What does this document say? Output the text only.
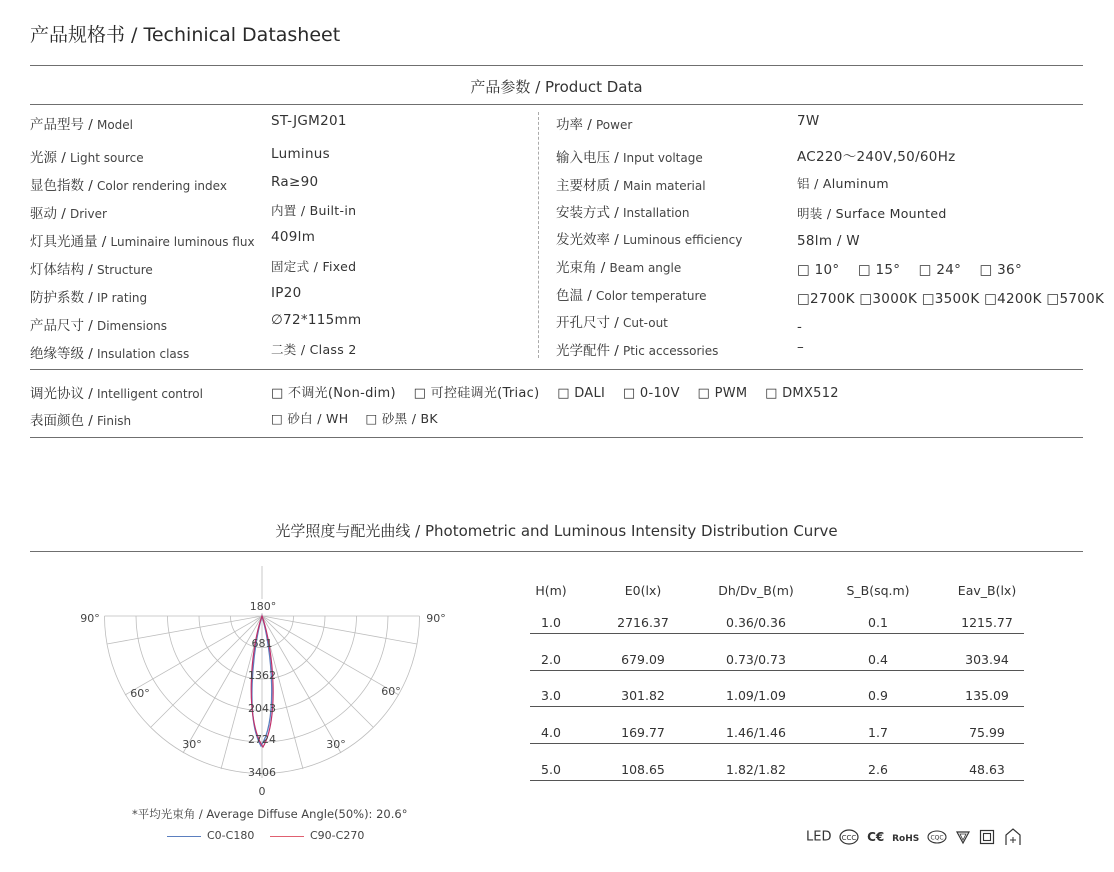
产品规格书 / Techinical Datasheet
产品参数 / Product Data
产品型号 / Model	ST-JGM201
光源 / Light source	Luminus
显色指数 / Color rendering index	Ra≥90
驱动 / Driver	内置 / Built-in
灯具光通量 / Luminaire luminous flux 409lm
灯体结构 / Structure	固定式 / Fixed
防护系数 / IP rating	IP20
产品尺寸 / Dimensions	∅72*115mm
绝缘等级 / Insulation class	二类 / Class 2
功率 / Power	7W
输入电压 / Input voltage	AC220～240V,50/60Hz
主要材质 / Main material	铝 / Aluminum
安装方式 / Installation	明装 / Surface Mounted
发光效率 / Luminous efficiency	58lm / W
光束角 / Beam angle	□ 10°    □ 15°    □ 24°    □ 36°
色温 / Color temperature	□2700K □3000K □3500K □4200K □5700K
开孔尺寸 / Cut-out	-
光学配件 / Ptic accessories	–
调光协议 / Intelligent control	□ 不调光(Non-dim)    □ 可控硅调光(Triac)    □ DALI    □ 0-10V    □ PWM    □ DMX512
表面颜色 / Finish	□ 砂白 / WH    □ 砂黑 / BK
光学照度与配光曲线 / Photometric and Luminous Intensity Distribution Curve
90°	90°
60°	60°
30°	30°
0
180°
681
1362
2043
2724
3406
*平均光束角 / Average Diffuse Angle(50%): 20.6°
C0-C180	C90-C270
H(m)	E0(lx)	Dh/Dv_B(m)	S_B(sq.m)	Eav_B(lx)
1.0	2716.37	0.36/0.36	0.1	1215.77
2.0	679.09	0.73/0.73	0.4	303.94
3.0	301.82	1.09/1.09	0.9	135.09
4.0	169.77	1.46/1.46	1.7	75.99
5.0	108.65	1.82/1.82	2.6	48.63
LED CCC C€ RoHS CQC
